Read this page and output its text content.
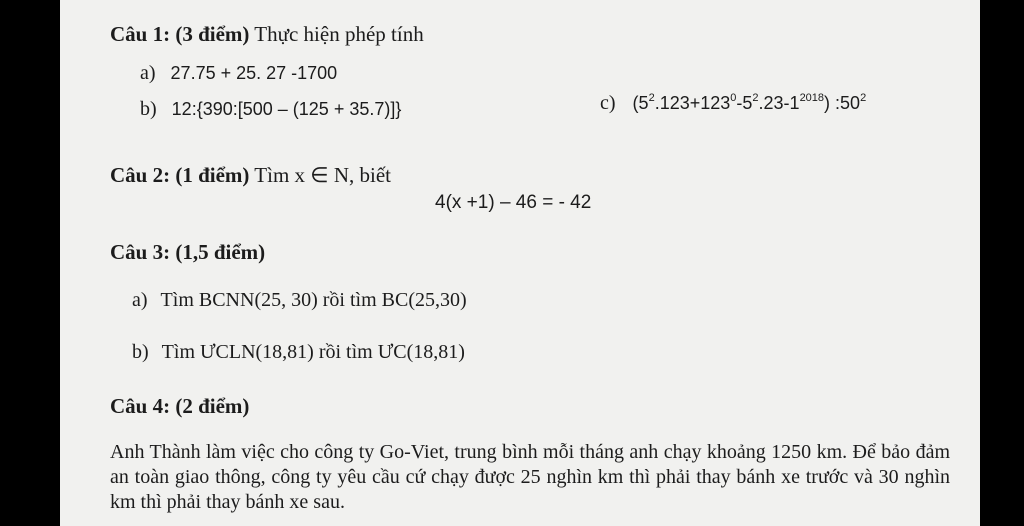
Câu 1: (3 điểm) Thực hiện phép tính
a) 27.75 + 25. 27 -1700
b) 12:{390:[500 – (125 + 35.7)]}	c) $(5^2.123+123^0-5^2.23-1^{2018})$ $:50^2$
Câu 2: (1 điểm) Tìm x ∈ N, biết
4(x +1) – 46 = - 42
Câu 3: (1,5 điểm)
a) Tìm BCNN(25, 30) rồi tìm BC(25,30)
b) Tìm ƯCLN(18,81) rồi tìm ƯC(18,81)
Câu 4: (2 điểm)
Anh Thành làm việc cho công ty Go-Viet, trung bình mỗi tháng anh chạy khoảng 1250 km. Để bảo đảm an toàn giao thông, công ty yêu cầu cứ chạy được 25 nghìn km thì phải thay bánh xe trước và 30 nghìn km thì phải thay bánh xe sau.
